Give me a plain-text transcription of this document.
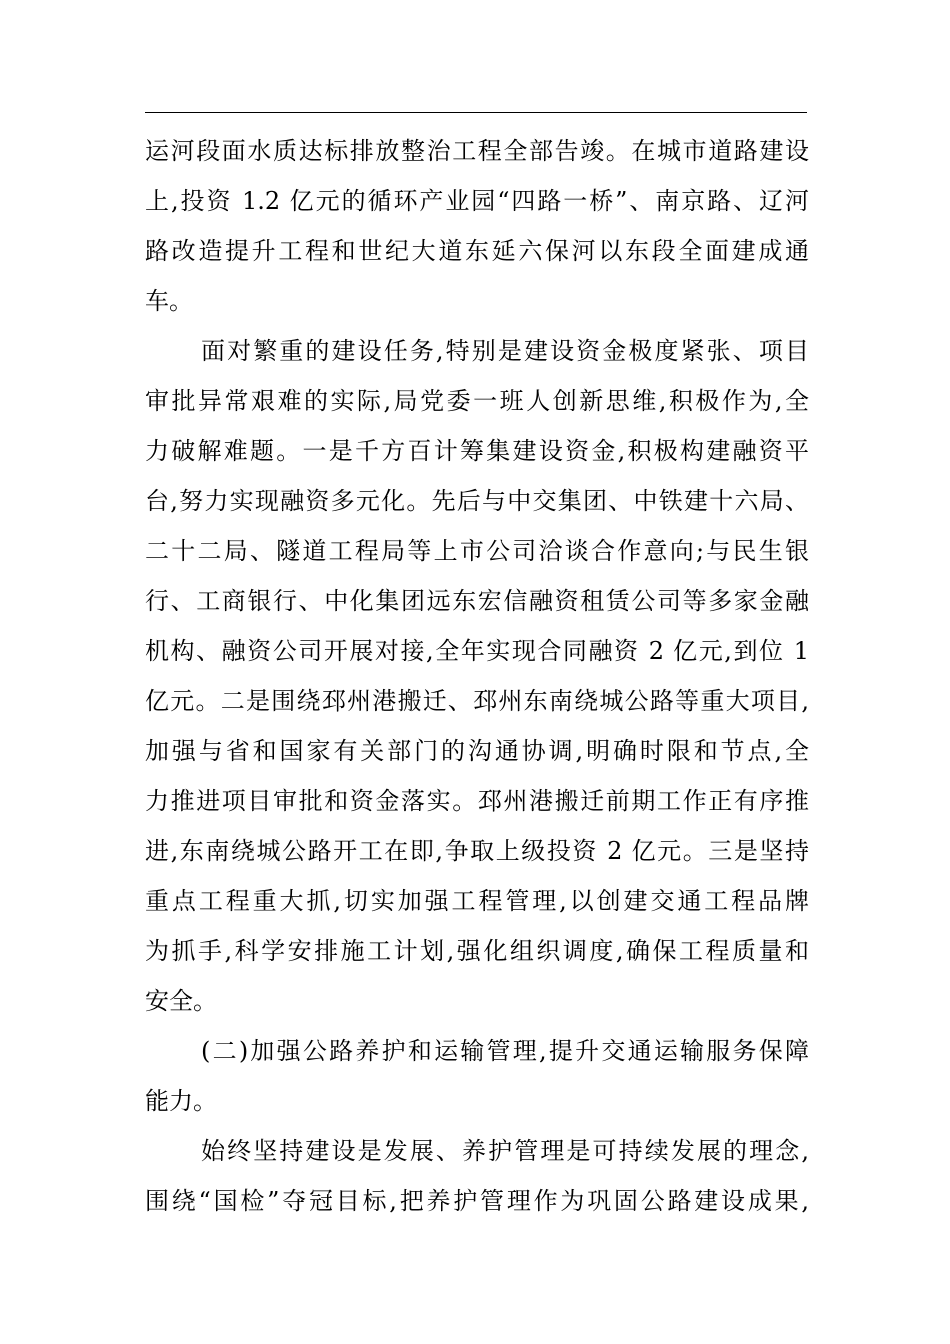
运河段面水质达标排放整治工程全部告竣。在城市道路建设
上,投资 1.2 亿元的循环产业园“四路一桥”、南京路、辽河
路改造提升工程和世纪大道东延六保河以东段全面建成通
车。
面对繁重的建设任务,特别是建设资金极度紧张、项目
审批异常艰难的实际,局党委一班人创新思维,积极作为,全
力破解难题。一是千方百计筹集建设资金,积极构建融资平
台,努力实现融资多元化。先后与中交集团、中铁建十六局、
二十二局、隧道工程局等上市公司洽谈合作意向;与民生银
行、工商银行、中化集团远东宏信融资租赁公司等多家金融
机构、融资公司开展对接,全年实现合同融资 2 亿元,到位 1
亿元。二是围绕邳州港搬迁、邳州东南绕城公路等重大项目,
加强与省和国家有关部门的沟通协调,明确时限和节点,全
力推进项目审批和资金落实。邳州港搬迁前期工作正有序推
进,东南绕城公路开工在即,争取上级投资 2 亿元。三是坚持
重点工程重大抓,切实加强工程管理,以创建交通工程品牌
为抓手,科学安排施工计划,强化组织调度,确保工程质量和
安全。
(二)加强公路养护和运输管理,提升交通运输服务保障
能力。
始终坚持建设是发展、养护管理是可持续发展的理念,
围绕“国检”夺冠目标,把养护管理作为巩固公路建设成果,
